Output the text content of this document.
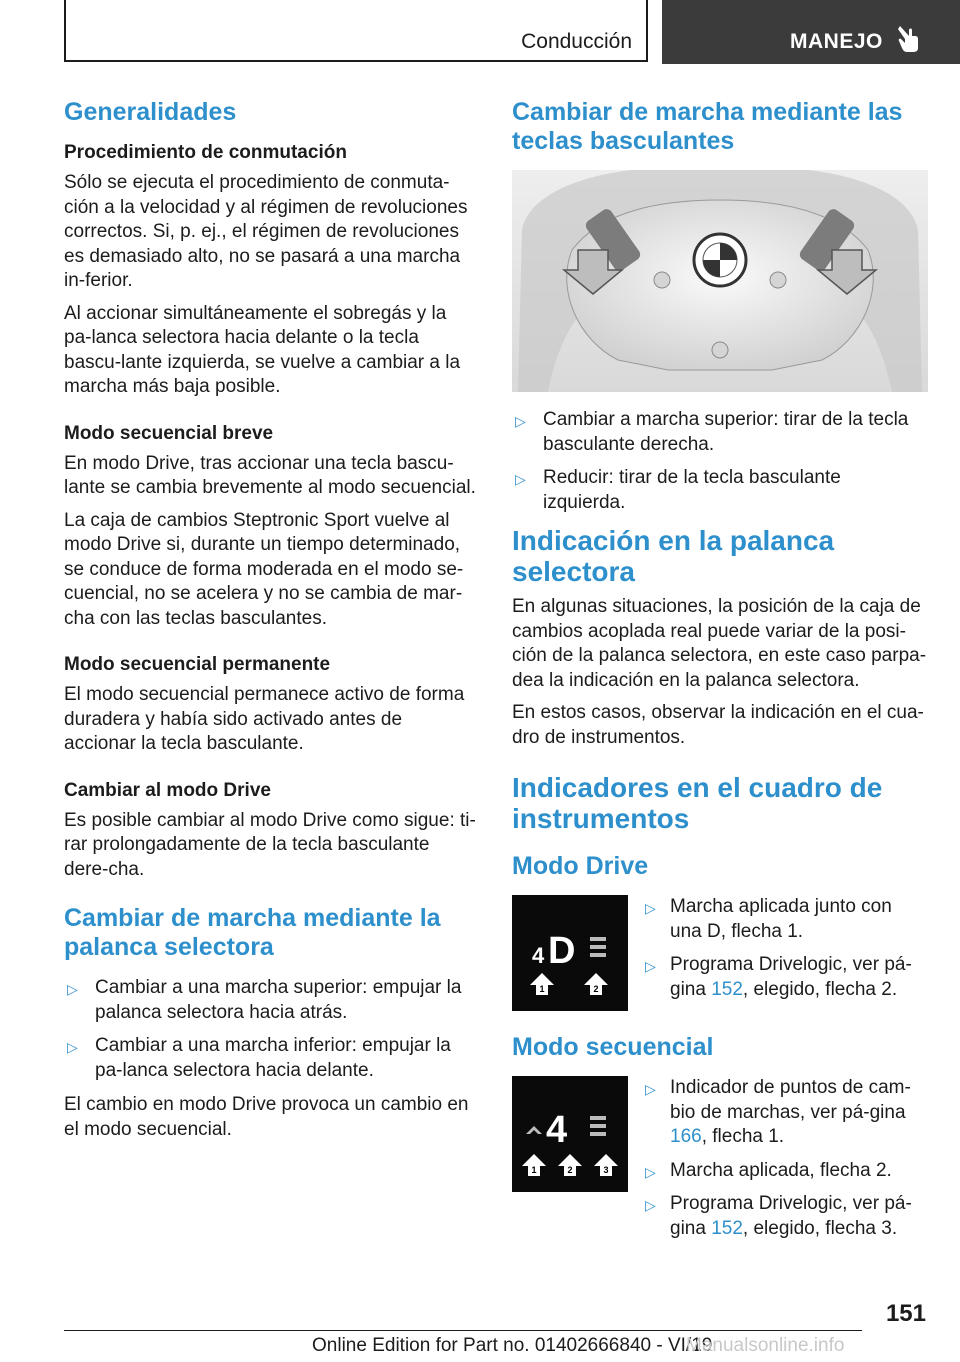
Conducción	MANEJO
Generalidades
Procedimiento de conmutación

Sólo se ejecuta el procedimiento de conmuta‐ción a la velocidad y al régimen de revoluciones correctos. Si, p. ej., el régimen de revoluciones es demasiado alto, no se pasará a una marcha in‐ferior.

Al accionar simultáneamente el sobregás y la pa‐lanca selectora hacia delante o la tecla bascu‐lante izquierda, se vuelve a cambiar a la marcha más baja posible.

Modo secuencial breve

En modo Drive, tras accionar una tecla bascu‐lante se cambia brevemente al modo secuencial.

La caja de cambios Steptronic Sport vuelve al modo Drive si, durante un tiempo determinado, se conduce de forma moderada en el modo se‐cuencial, no se acelera y no se cambia de mar‐cha con las teclas basculantes.

Modo secuencial permanente

El modo secuencial permanece activo de forma duradera y había sido activado antes de accionar la tecla basculante.

Cambiar al modo Drive

Es posible cambiar al modo Drive como sigue: ti‐rar prolongadamente de la tecla basculante dere‐cha.

Cambiar de marcha mediante la palanca selectora
▷ Cambiar a una marcha superior: empujar la palanca selectora hacia atrás.
▷ Cambiar a una marcha inferior: empujar la pa‐lanca selectora hacia delante.

El cambio en modo Drive provoca un cambio en el modo secuencial.

Cambiar de marcha mediante las teclas basculantes
▷ Cambiar a marcha superior: tirar de la tecla basculante derecha.
▷ Reducir: tirar de la tecla basculante izquierda.
Indicación en la palanca selectora

En algunas situaciones, la posición de la caja de cambios acoplada real puede variar de la posi‐ción de la palanca selectora, en este caso parpa‐dea la indicación en la palanca selectora.

En estos casos, observar la indicación en el cua‐dro de instrumentos.

Indicadores en el cuadro de instrumentos
Modo Drive
4 D
1	2
▷ Marcha aplicada junto con una D, flecha 1.
▷ Programa Drivelogic, ver pá‐gina 152, elegido, flecha 2.
Modo secuencial
4
1	2	3
▷ Indicador de puntos de cam‐bio de marchas, ver pá‐gina 166, flecha 1.
▷ Marcha aplicada, flecha 2.
▷ Programa Drivelogic, ver pá‐gina 152, elegido, flecha 3.
151
Online Edition for Part no. 01402666840 - VI/19
Manualsonline.info
